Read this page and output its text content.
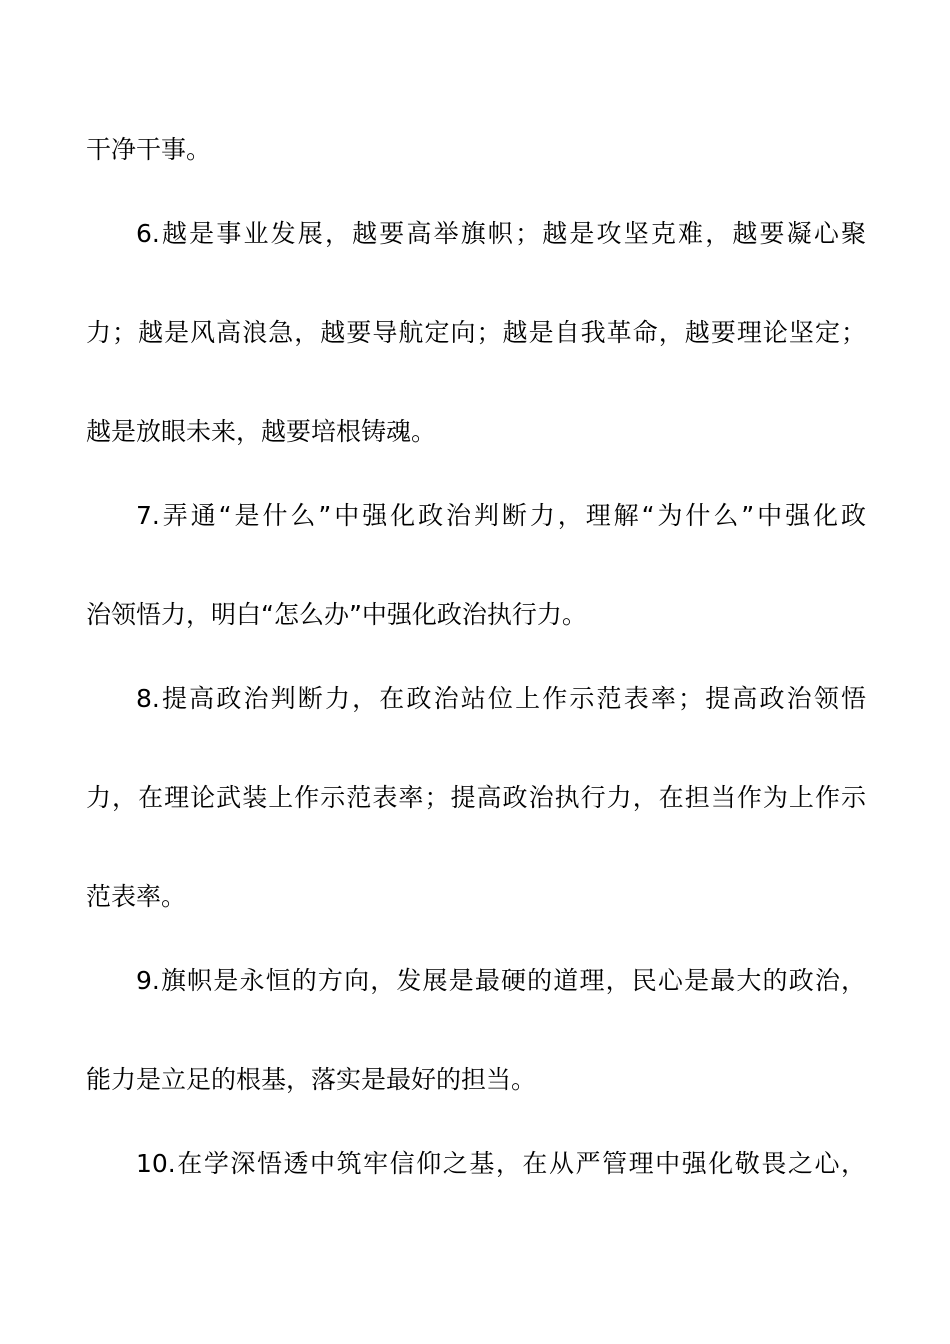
干净干事。
6.越是事业发展，越要高举旗帜；越是攻坚克难，越要凝心聚
力；越是风高浪急，越要导航定向；越是自我革命，越要理论坚定；
越是放眼未来，越要培根铸魂。
7.弄通“是什么”中强化政治判断力，理解“为什么”中强化政
治领悟力，明白“怎么办”中强化政治执行力。
8.提高政治判断力，在政治站位上作示范表率；提高政治领悟
力，在理论武装上作示范表率；提高政治执行力，在担当作为上作示
范表率。
9.旗帜是永恒的方向，发展是最硬的道理，民心是最大的政治，
能力是立足的根基，落实是最好的担当。
10.在学深悟透中筑牢信仰之基，在从严管理中强化敬畏之心，
